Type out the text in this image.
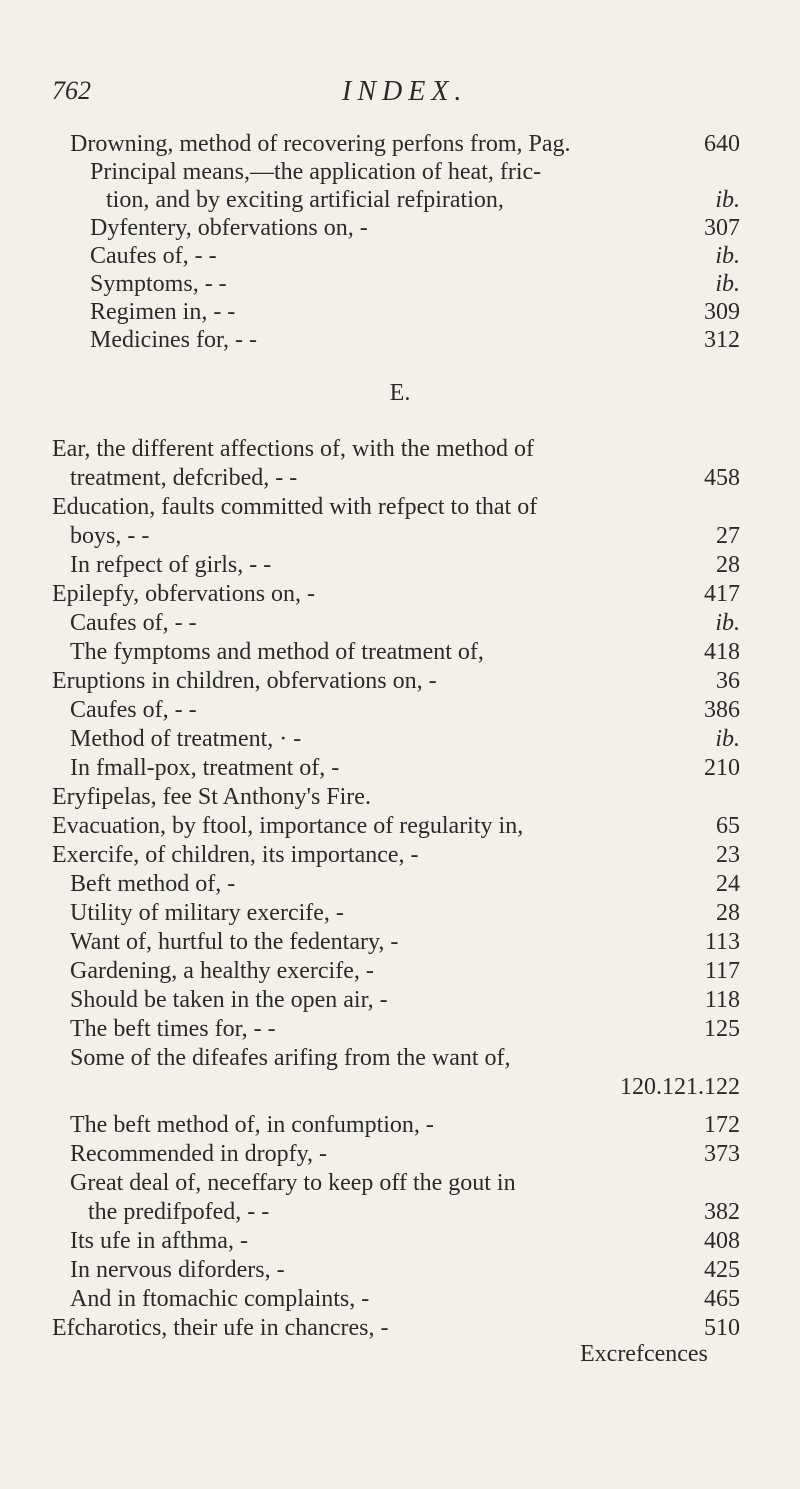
762	INDEX.
Drowning, method of recovering perfons from, Pag.	640
Principal means,—the application of heat, fric-
tion, and by exciting artificial refpiration,	ib.
Dyfentery, obfervations on, -	307
Caufes of, - -	ib.
Symptoms, - -	ib.
Regimen in, - -	309
Medicines for, - -	312
E.
Ear, the different affections of, with the method of
treatment, defcribed, - -	458
Education, faults committed with refpect to that of
boys, - -	27
In refpect of girls, - -	28
Epilepfy, obfervations on, -	417
Caufes of, - -	ib.
The fymptoms and method of treatment of,	418
Eruptions in children, obfervations on, -	36
Caufes of, - -	386
Method of treatment, · -	ib.
In fmall-pox, treatment of, -	210
Eryfipelas, fee St Anthony's Fire.
Evacuation, by ftool, importance of regularity in,	65
Exercife, of children, its importance, -	23
Beft method of, -	24
Utility of military exercife, -	28
Want of, hurtful to the fedentary, -	113
Gardening, a healthy exercife, -	117
Should be taken in the open air, -	118
The beft times for, - -	125
Some of the difeafes arifing from the want of,
120.121.122
The beft method of, in confumption, -	172
Recommended in dropfy, -	373
Great deal of, neceffary to keep off the gout in
the predifpofed, - -	382
Its ufe in afthma, -	408
In nervous diforders, -	425
And in ftomachic complaints, -	465
Efcharotics, their ufe in chancres, -	510
Excrefcences
